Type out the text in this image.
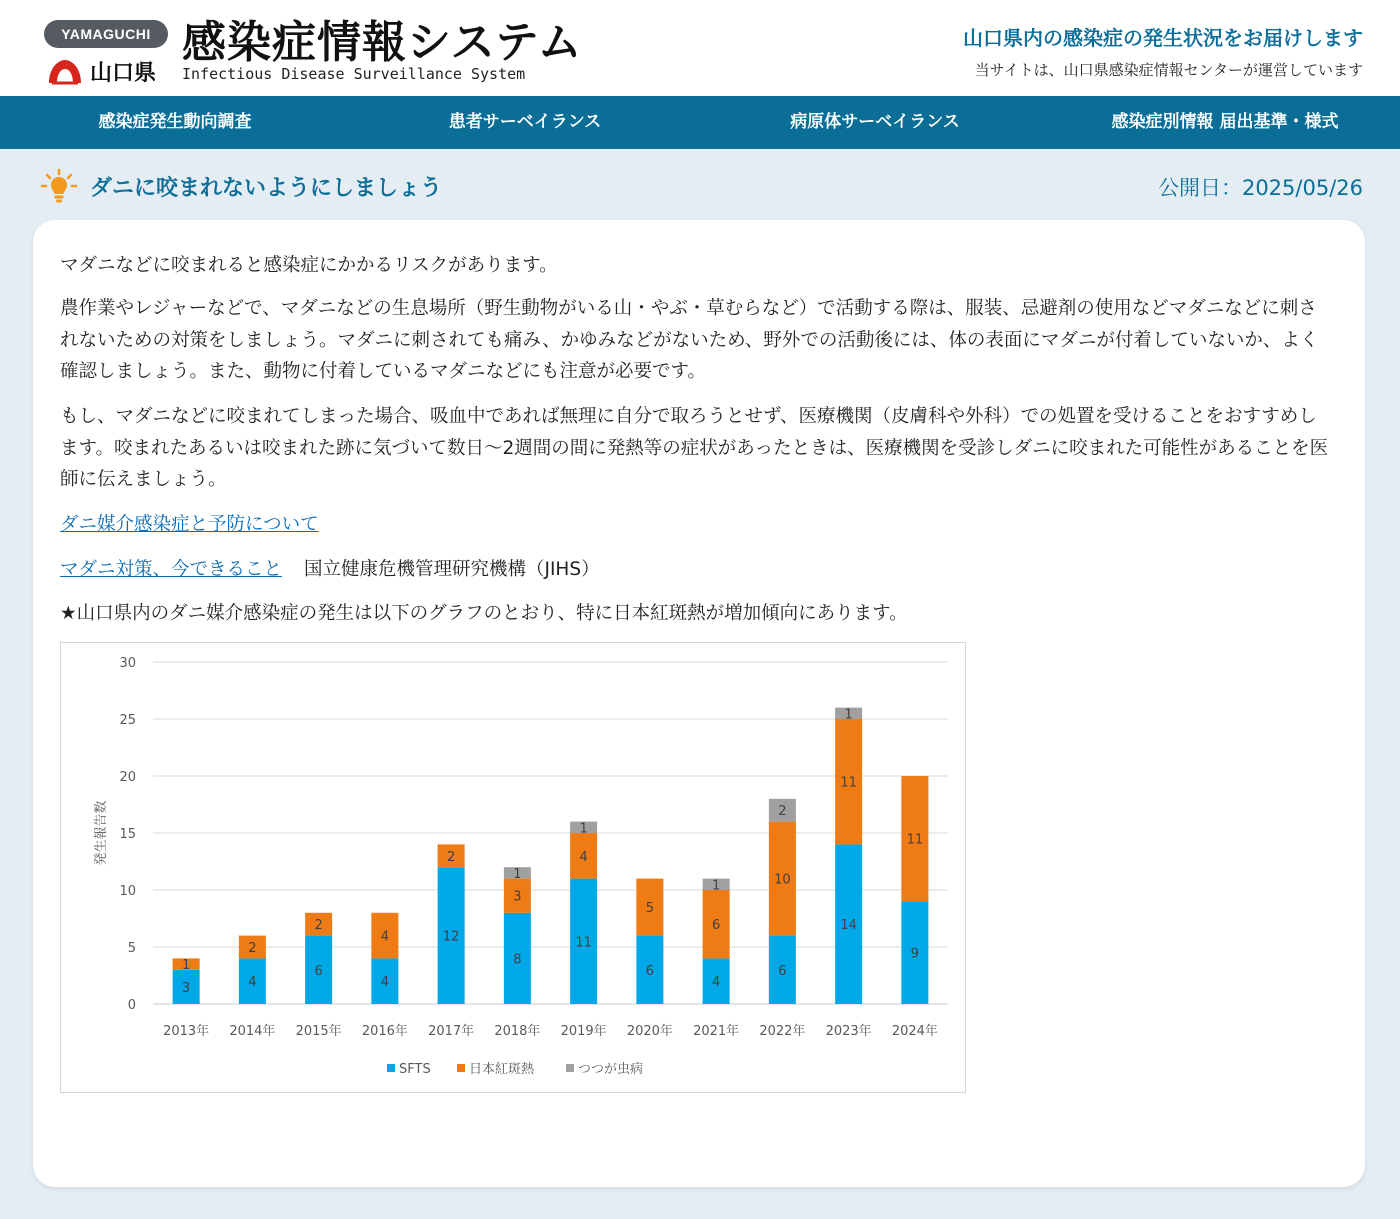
YAMAGUCHI
山口県
感染症情報システム
Infectious Disease Surveillance System
山口県内の感染症の発生状況をお届けします
当サイトは、山口県感染症情報センターが運営しています
感染症発生動向調査	患者サーベイランス	病原体サーベイランス	感染症別情報 届出基準・様式
ダニに咬まれないようにしましょう	公開日：2025/05/26
マダニなどに咬まれると感染症にかかるリスクがあります。
農作業やレジャーなどで、マダニなどの生息場所（野生動物がいる山・やぶ・草むらなど）で活動する際は、服装、忌避剤の使用などマダニなどに刺されないための対策をしましょう。マダニに刺されても痛み、かゆみなどがないため、野外での活動後には、体の表面にマダニが付着していないか、よく確認しましょう。また、動物に付着しているマダニなどにも注意が必要です。
もし、マダニなどに咬まれてしまった場合、吸血中であれば無理に自分で取ろうとせず、医療機関（皮膚科や外科）での処置を受けることをおすすめします。咬まれたあるいは咬まれた跡に気づいて数日〜2週間の間に発熱等の症状があったときは、医療機関を受診しダニに咬まれた可能性があることを医師に伝えましょう。
ダニ媒介感染症と予防について
マダニ対策、今できること 国立健康危機管理研究機構（JIHS）
★山口県内のダニ媒介感染症の発生は以下のグラフのとおり、特に日本紅斑熱が増加傾向にあります。
0
5
10
15
20
25
30
発生報告数
3
1
2013年
4
2
2014年
6
2
2015年
4
4
2016年
12
2
2017年
8
3
1
2018年
11
4
1
2019年
6
5
2020年
4
6
1
2021年
6
10
2
2022年
14
11
1
2023年
9
11
2024年
SFTS	日本紅斑熱	つつが虫病
